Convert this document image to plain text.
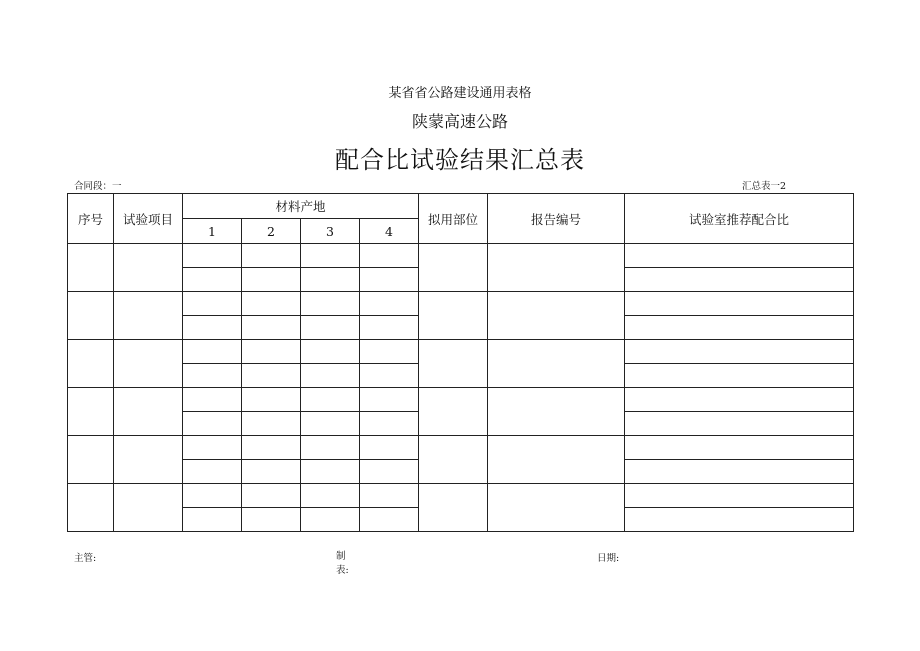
某省省公路建设通用表格
陕蒙高速公路
配合比试验结果汇总表
合同段：一	汇总表一2
序号	试验项目	材料产地				拟用部位	报告编号	试验室推荐配合比
		1	2	3	4			

主管:	制
表:
日期:
